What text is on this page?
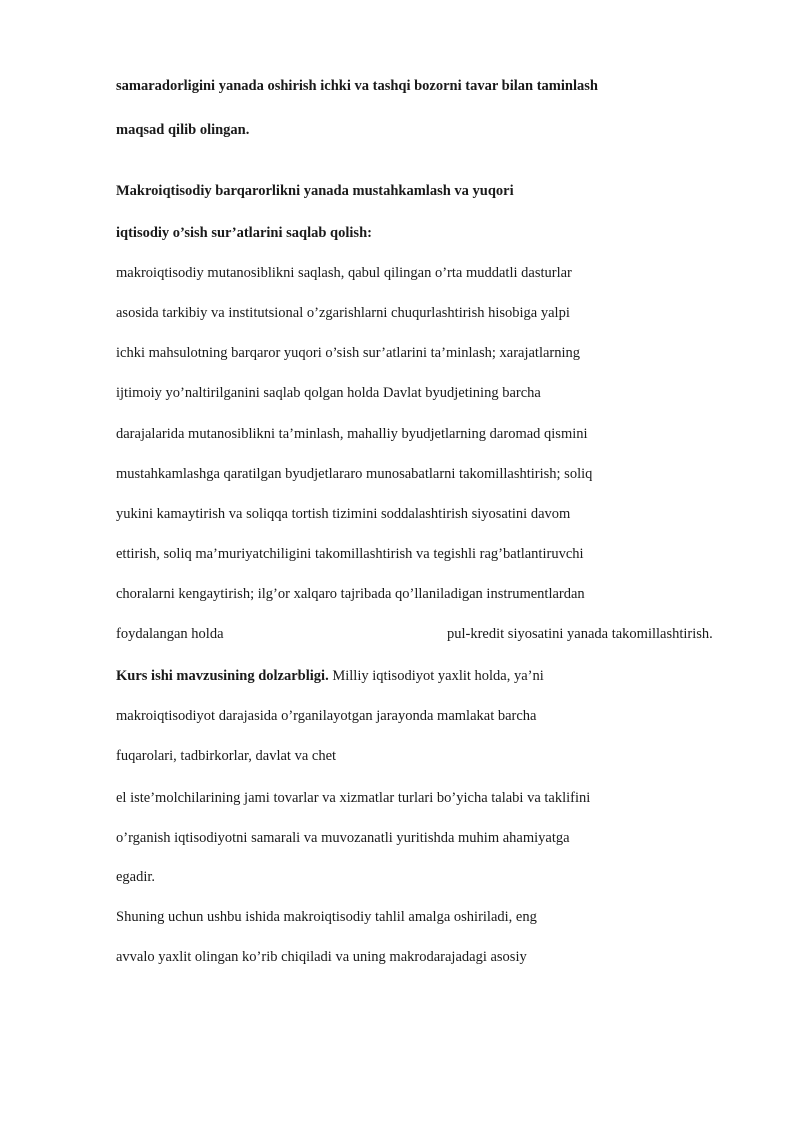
samaradorligini yanada oshirish ichki va tashqi bozorni tavar bilan taminlash
maqsad qilib olingan.
Makroiqtisodiy barqarorlikni yanada mustahkamlash va yuqori
iqtisodiy o’sish sur’atlarini saqlab qolish:
makroiqtisodiy mutanosiblikni saqlash, qabul qilingan o’rta muddatli dasturlar
asosida tarkibiy va institutsional o’zgarishlarni chuqurlashtirish hisobiga yalpi
ichki mahsulotning barqaror yuqori o’sish sur’atlarini ta’minlash; xarajatlarning
ijtimoiy yo’naltirilganini saqlab qolgan holda Davlat byudjetining barcha
darajalarida mutanosiblikni ta’minlash, mahalliy byudjetlarning daromad qismini
mustahkamlashga qaratilgan byudjetlararo munosabatlarni takomillashtirish; soliq
yukini kamaytirish va soliqqa tortish tizimini soddalashtirish siyosatini davom
ettirish, soliq ma’muriyatchiligini takomillashtirish va tegishli rag’batlantiruvchi
choralarni kengaytirish; ilg’or xalqaro tajribada qo’llaniladigan instrumentlardan
foydalangan holda	pul-kredit siyosatini yanada takomillashtirish.
Kurs ishi mavzusining dolzarbligi. Milliy iqtisodiyot yaxlit holda, ya’ni
makroiqtisodiyot darajasida o’rganilayotgan jarayonda mamlakat barcha
fuqarolari, tadbirkorlar, davlat va chet
el iste’molchilarining jami tovarlar va xizmatlar turlari bo’yicha talabi va taklifini
o’rganish iqtisodiyotni samarali va muvozanatli yuritishda muhim ahamiyatga
egadir.
Shuning uchun ushbu ishida makroiqtisodiy tahlil amalga oshiriladi, eng
avvalo yaxlit olingan ko’rib chiqiladi va uning makrodarajadagi asosiy
